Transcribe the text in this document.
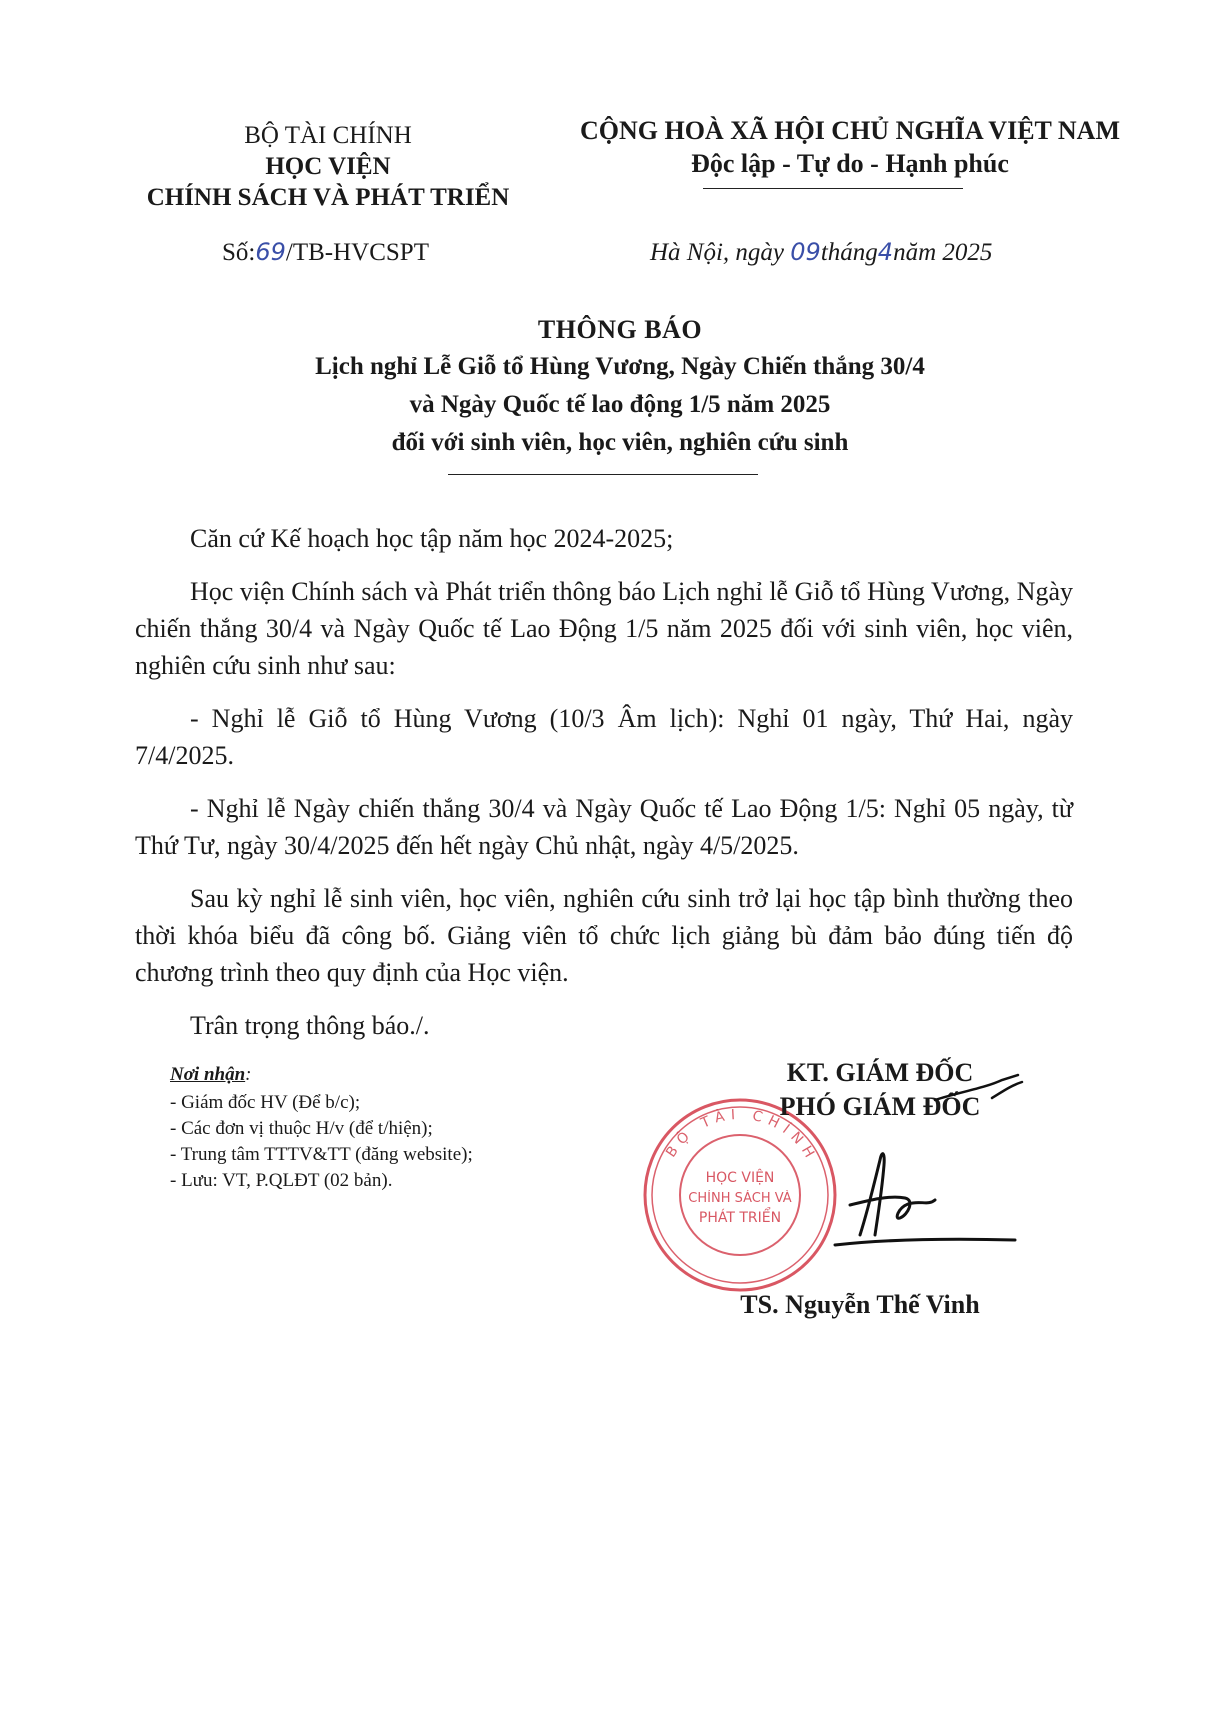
BỘ TÀI CHÍNH
HỌC VIỆN
CHÍNH SÁCH VÀ PHÁT TRIỂN
CỘNG HOÀ XÃ HỘI CHỦ NGHĨA VIỆT NAM
Độc lập - Tự do - Hạnh phúc
Số:69/TB-HVCSPT	Hà Nội, ngày 09tháng4năm 2025
THÔNG BÁO
Lịch nghỉ Lễ Giỗ tổ Hùng Vương, Ngày Chiến thắng 30/4
và Ngày Quốc tế lao động 1/5 năm 2025
đối với sinh viên, học viên, nghiên cứu sinh

Căn cứ Kế hoạch học tập năm học 2024-2025;

Học viện Chính sách và Phát triển thông báo Lịch nghỉ lễ Giỗ tổ Hùng Vương, Ngày chiến thắng 30/4 và Ngày Quốc tế Lao Động 1/5 năm 2025 đối với sinh viên, học viên, nghiên cứu sinh như sau:

- Nghỉ lễ Giỗ tổ Hùng Vương (10/3 Âm lịch): Nghỉ 01 ngày, Thứ Hai, ngày 7/4/2025.

- Nghỉ lễ Ngày chiến thắng 30/4 và Ngày Quốc tế Lao Động 1/5: Nghỉ 05 ngày, từ Thứ Tư, ngày 30/4/2025 đến hết ngày Chủ nhật, ngày 4/5/2025.

Sau kỳ nghỉ lễ sinh viên, học viên, nghiên cứu sinh trở lại học tập bình thường theo thời khóa biểu đã công bố. Giảng viên tổ chức lịch giảng bù đảm bảo đúng tiến độ chương trình theo quy định của Học viện.

Trân trọng thông báo./.

Nơi nhận:
- Giám đốc HV (Để b/c);
- Các đơn vị thuộc H/v (để t/hiện);
- Trung tâm TTTV&TT (đăng website);
- Lưu: VT, P.QLĐT (02 bản).
BỘ TÀI CHÍNH
HỌC VIỆN
CHÍNH SÁCH VÀ
PHÁT TRIỂN
KT. GIÁM ĐỐC
PHÓ GIÁM ĐỐC
TS. Nguyễn Thế Vinh
